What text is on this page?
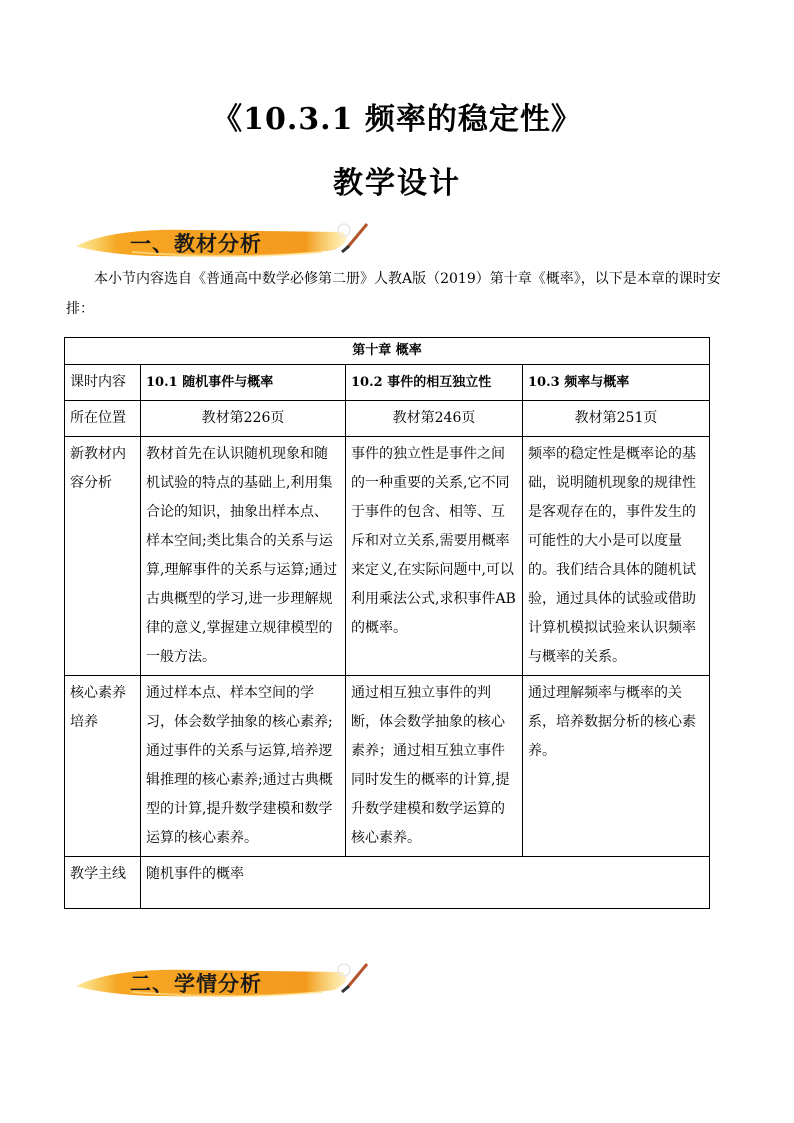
《10.3.1 频率的稳定性》
教学设计
一、教材分析
本小节内容选自《普通高中数学必修第二册》人教A版（2019）第十章《概率》，以下是本章的课时安排：
第十章 概率			
课时内容	10.1 随机事件与概率	10.2 事件的相互独立性	10.3 频率与概率
所在位置	教材第226页	教材第246页	教材第251页
新教材内容分析	教材首先在认识随机现象和随机试验的特点的基础上,利用集合论的知识，抽象出样本点、样本空间;类比集合的关系与运算,理解事件的关系与运算;通过古典概型的学习,进一步理解规律的意义,掌握建立规律模型的一般方法。	事件的独立性是事件之间的一种重要的关系,它不同于事件的包含、相等、互斥和对立关系,需要用概率来定义,在实际问题中,可以利用乘法公式,求积事件AB的概率。	频率的稳定性是概率论的基础，说明随机现象的规律性是客观存在的，事件发生的可能性的大小是可以度量的。我们结合具体的随机试验，通过具体的试验或借助计算机模拟试验来认识频率与概率的关系。
核心素养培养	通过样本点、样本空间的学习，体会数学抽象的核心素养;通过事件的关系与运算,培养逻辑推理的核心素养;通过古典概型的计算,提升数学建模和数学运算的核心素养。	通过相互独立事件的判断，体会数学抽象的核心素养；通过相互独立事件同时发生的概率的计算,提升数学建模和数学运算的核心素养。	通过理解频率与概率的关系，培养数据分析的核心素养。
教学主线	随机事件的概率		
二、学情分析
